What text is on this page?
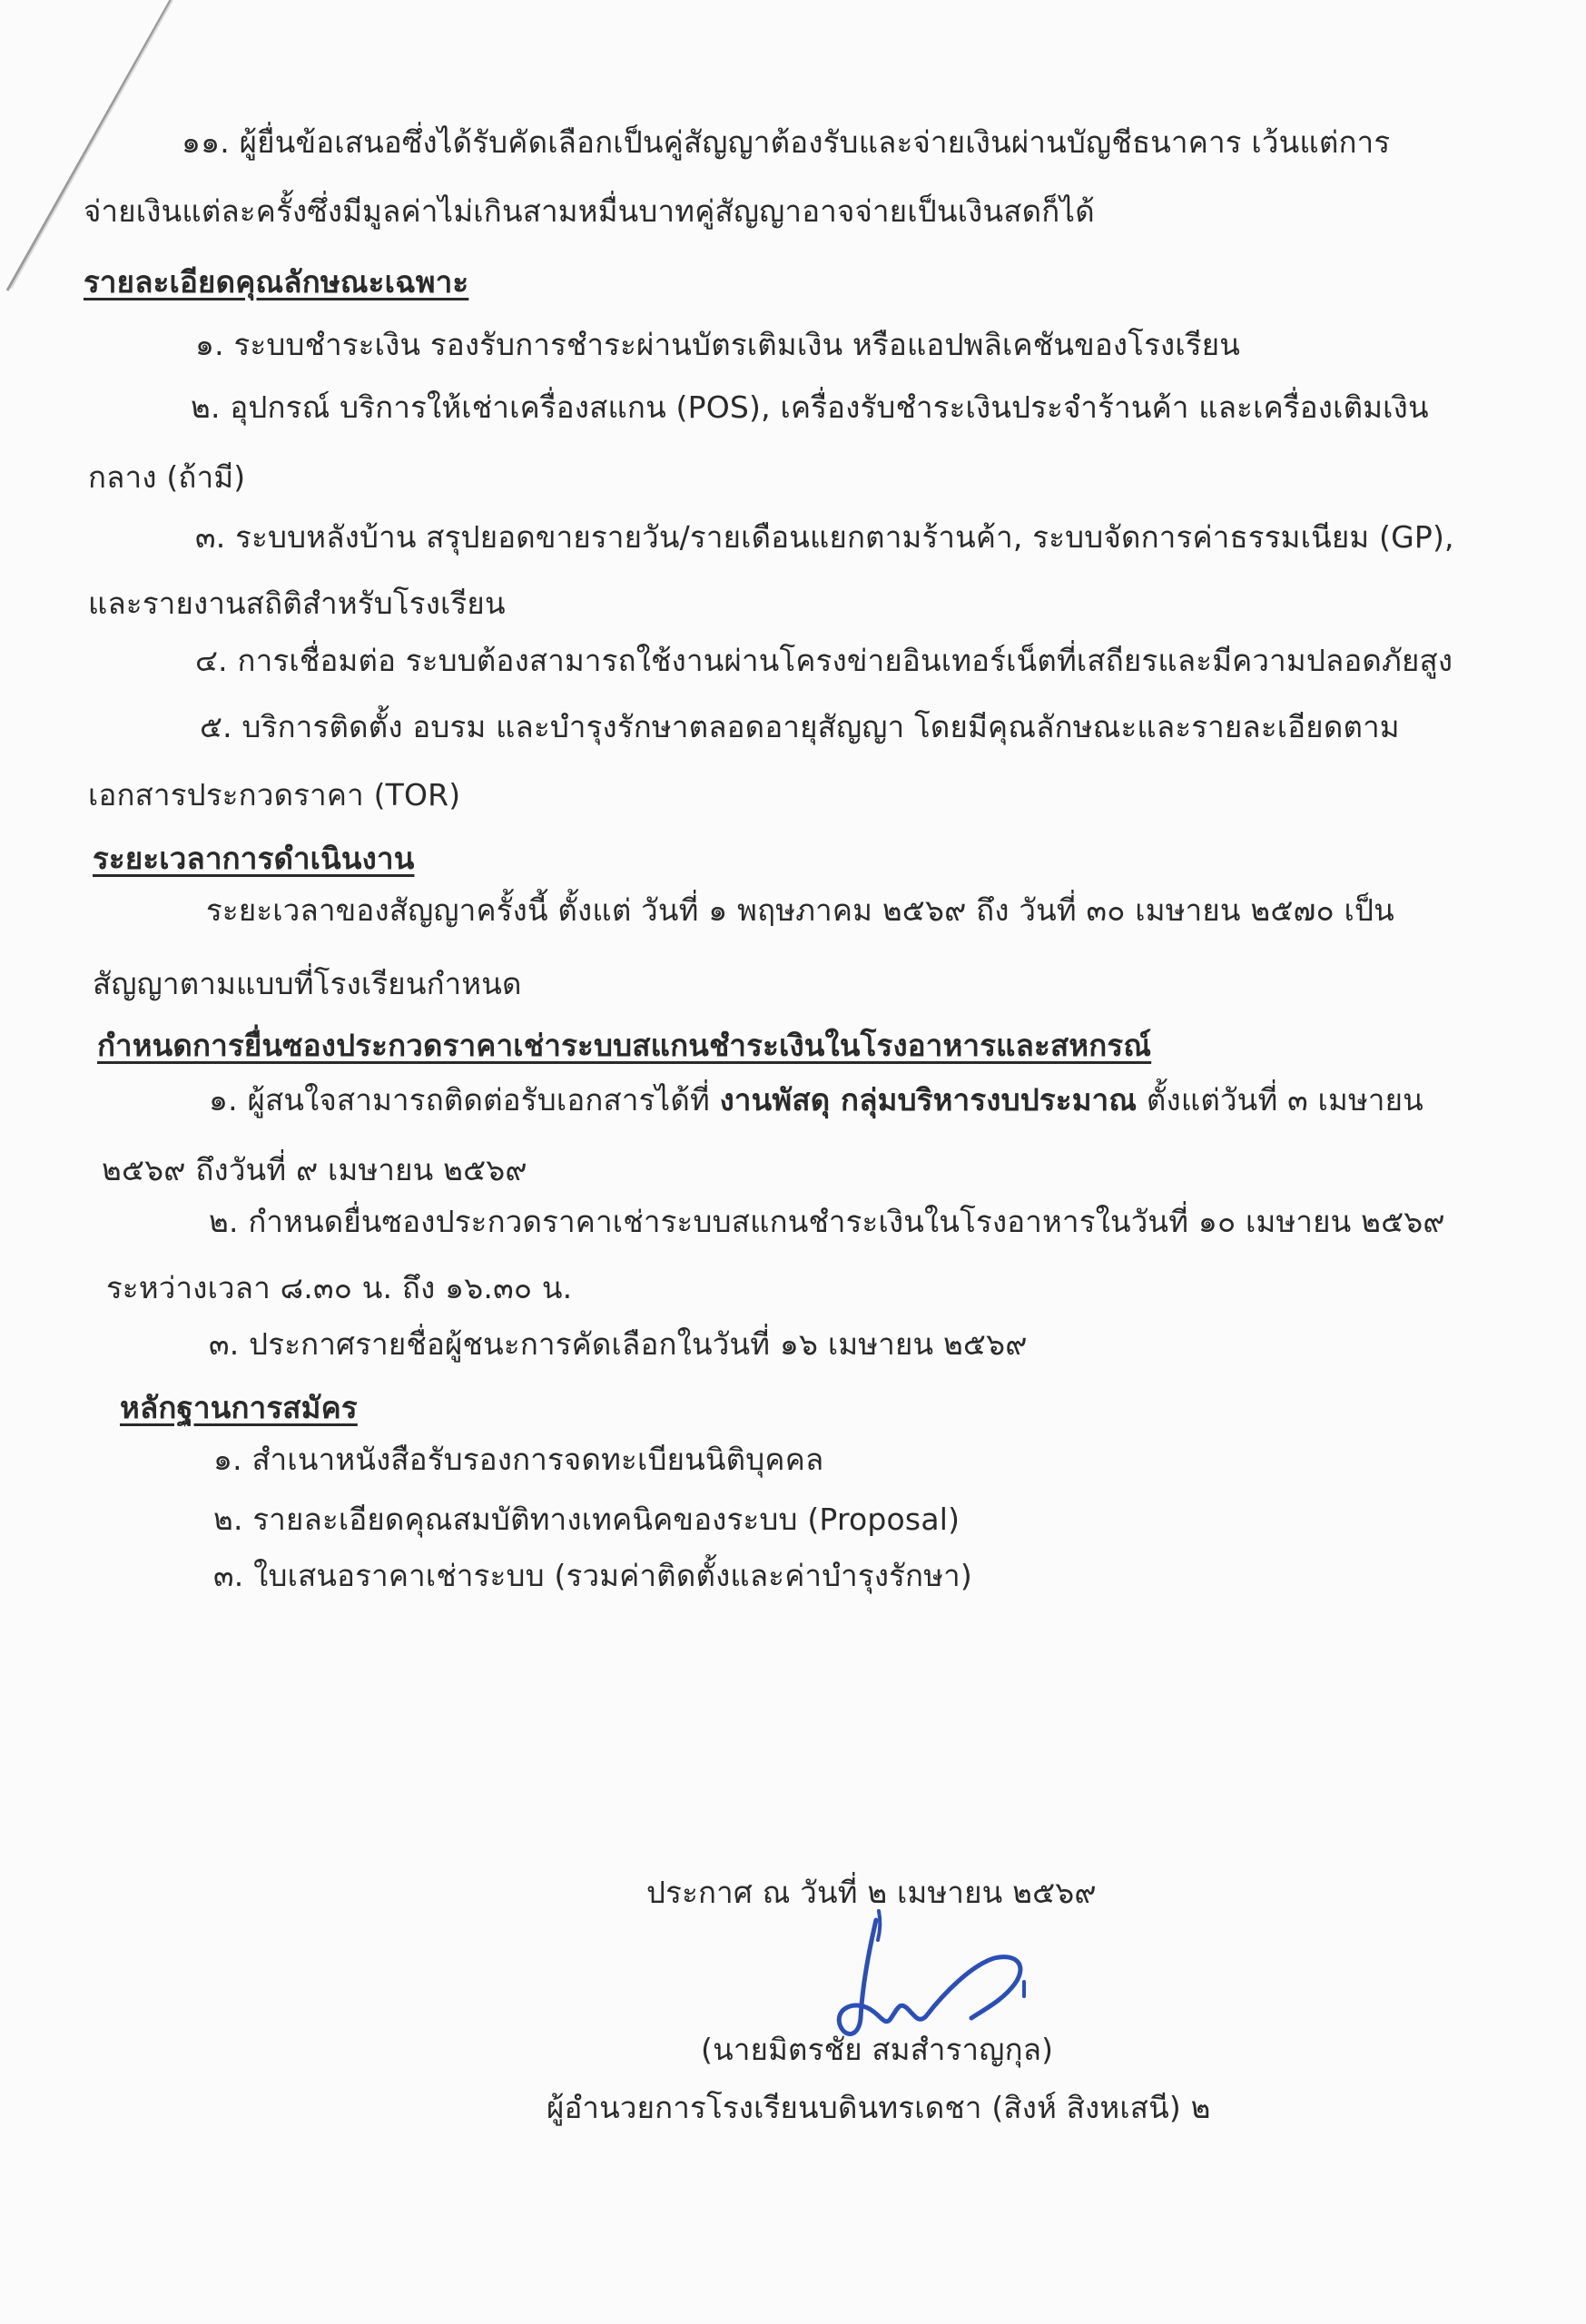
๑๑. ผู้ยื่นข้อเสนอซึ่งได้รับคัดเลือกเป็นคู่สัญญาต้องรับและจ่ายเงินผ่านบัญชีธนาคาร เว้นแต่การ
จ่ายเงินแต่ละครั้งซึ่งมีมูลค่าไม่เกินสามหมื่นบาทคู่สัญญาอาจจ่ายเป็นเงินสดก็ได้
รายละเอียดคุณลักษณะเฉพาะ
๑. ระบบชำระเงิน รองรับการชำระผ่านบัตรเติมเงิน หรือแอปพลิเคชันของโรงเรียน
๒. อุปกรณ์ บริการให้เช่าเครื่องสแกน (POS), เครื่องรับชำระเงินประจำร้านค้า และเครื่องเติมเงิน
กลาง (ถ้ามี)
๓. ระบบหลังบ้าน สรุปยอดขายรายวัน/รายเดือนแยกตามร้านค้า, ระบบจัดการค่าธรรมเนียม (GP),
และรายงานสถิติสำหรับโรงเรียน
๔. การเชื่อมต่อ ระบบต้องสามารถใช้งานผ่านโครงข่ายอินเทอร์เน็ตที่เสถียรและมีความปลอดภัยสูง
๕. บริการติดตั้ง อบรม และบำรุงรักษาตลอดอายุสัญญา โดยมีคุณลักษณะและรายละเอียดตาม
เอกสารประกวดราคา (TOR)
ระยะเวลาการดำเนินงาน
ระยะเวลาของสัญญาครั้งนี้ ตั้งแต่ วันที่ ๑ พฤษภาคม ๒๕๖๙ ถึง วันที่ ๓๐ เมษายน ๒๕๗๐ เป็น
สัญญาตามแบบที่โรงเรียนกำหนด
กำหนดการยื่นซองประกวดราคาเช่าระบบสแกนชำระเงินในโรงอาหารและสหกรณ์
๑. ผู้สนใจสามารถติดต่อรับเอกสารได้ที่ งานพัสดุ กลุ่มบริหารงบประมาณ ตั้งแต่วันที่ ๓ เมษายน
๒๕๖๙ ถึงวันที่ ๙ เมษายน ๒๕๖๙
๒. กำหนดยื่นซองประกวดราคาเช่าระบบสแกนชำระเงินในโรงอาหารในวันที่ ๑๐ เมษายน ๒๕๖๙
ระหว่างเวลา ๘.๓๐ น. ถึง ๑๖.๓๐ น.
๓. ประกาศรายชื่อผู้ชนะการคัดเลือกในวันที่ ๑๖ เมษายน ๒๕๖๙
หลักฐานการสมัคร
๑. สำเนาหนังสือรับรองการจดทะเบียนนิติบุคคล
๒. รายละเอียดคุณสมบัติทางเทคนิคของระบบ (Proposal)
๓. ใบเสนอราคาเช่าระบบ (รวมค่าติดตั้งและค่าบำรุงรักษา)
ประกาศ ณ วันที่ ๒ เมษายน ๒๕๖๙
(นายมิตรชัย สมสำราญกุล)
ผู้อำนวยการโรงเรียนบดินทรเดชา (สิงห์ สิงหเสนี) ๒
